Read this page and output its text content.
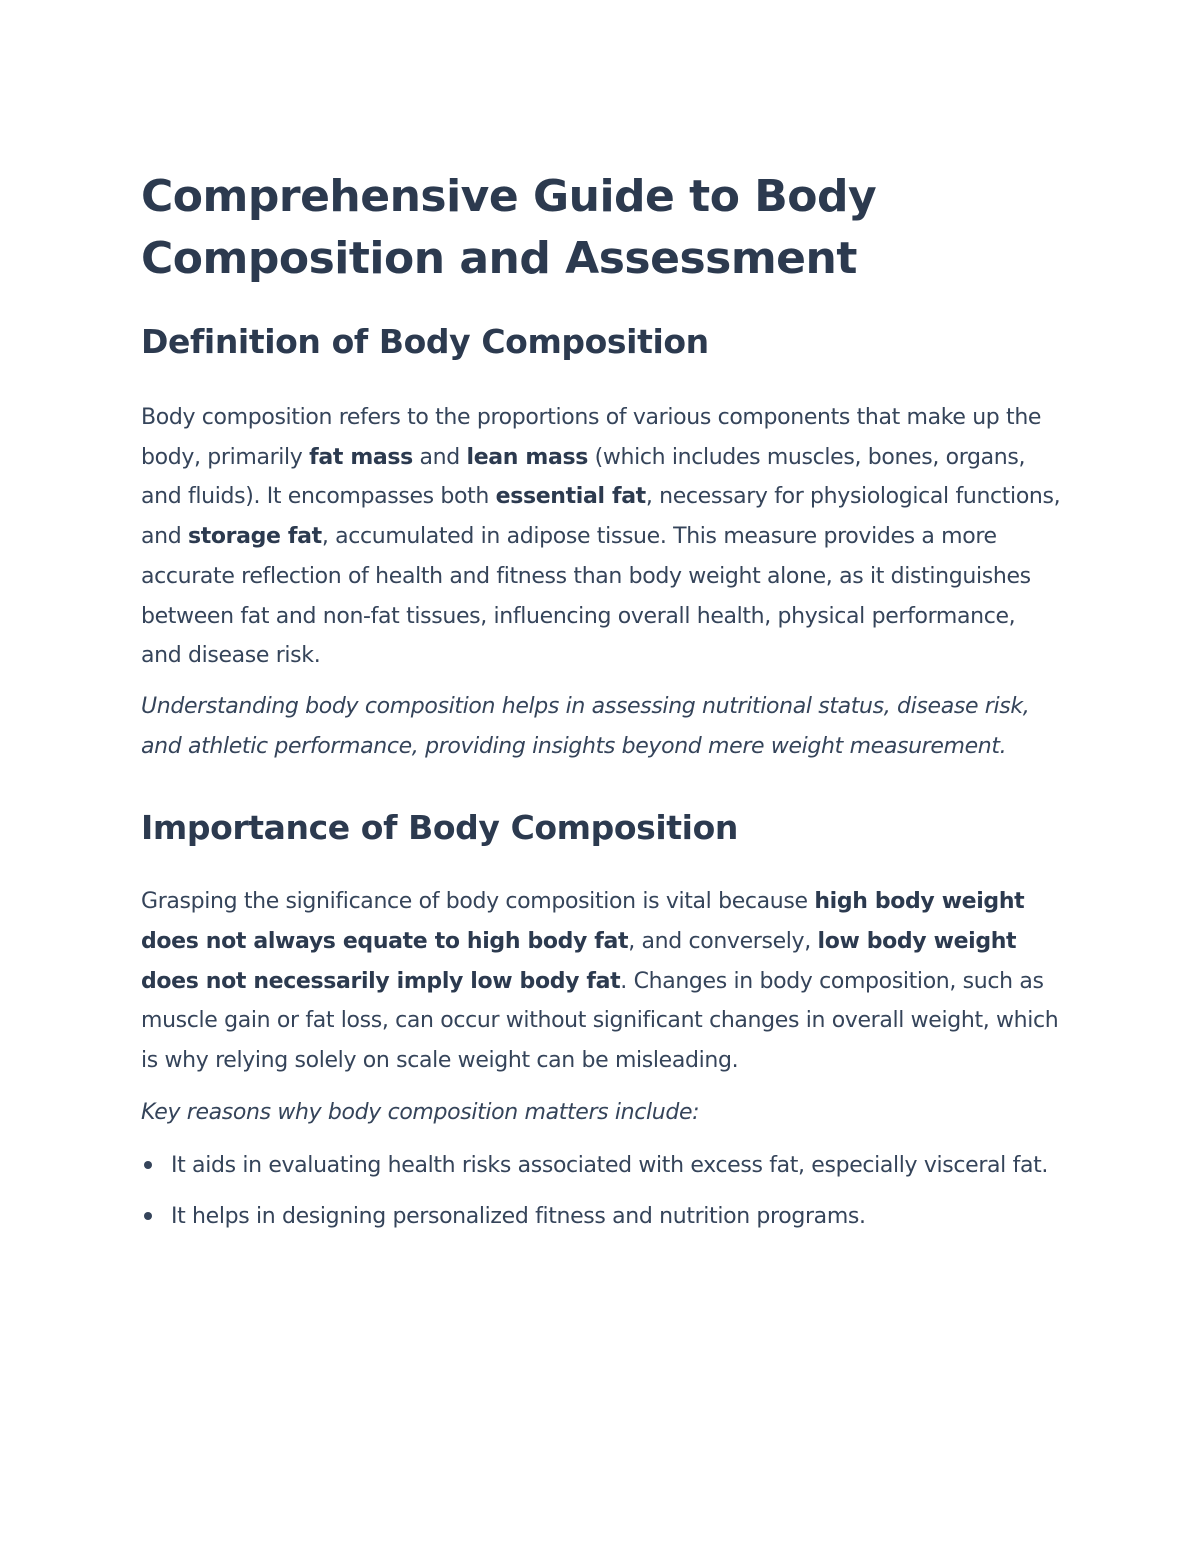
Comprehensive Guide to Body Composition and Assessment
Definition of Body Composition

Body composition refers to the proportions of various components that make up the body, primarily fat mass and lean mass (which includes muscles, bones, organs, and fluids). It encompasses both essential fat, necessary for physiological functions, and storage fat, accumulated in adipose tissue. This measure provides a more accurate reflection of health and fitness than body weight alone, as it distinguishes between fat and non-fat tissues, influencing overall health, physical performance, and disease risk.

Understanding body composition helps in assessing nutritional status, disease risk, and athletic performance, providing insights beyond mere weight measurement.

Importance of Body Composition

Grasping the significance of body composition is vital because high body weight does not always equate to high body fat, and conversely, low body weight does not necessarily imply low body fat. Changes in body composition, such as muscle gain or fat loss, can occur without significant changes in overall weight, which is why relying solely on scale weight can be misleading.

Key reasons why body composition matters include:

It aids in evaluating health risks associated with excess fat, especially visceral fat.

It helps in designing personalized fitness and nutrition programs.
